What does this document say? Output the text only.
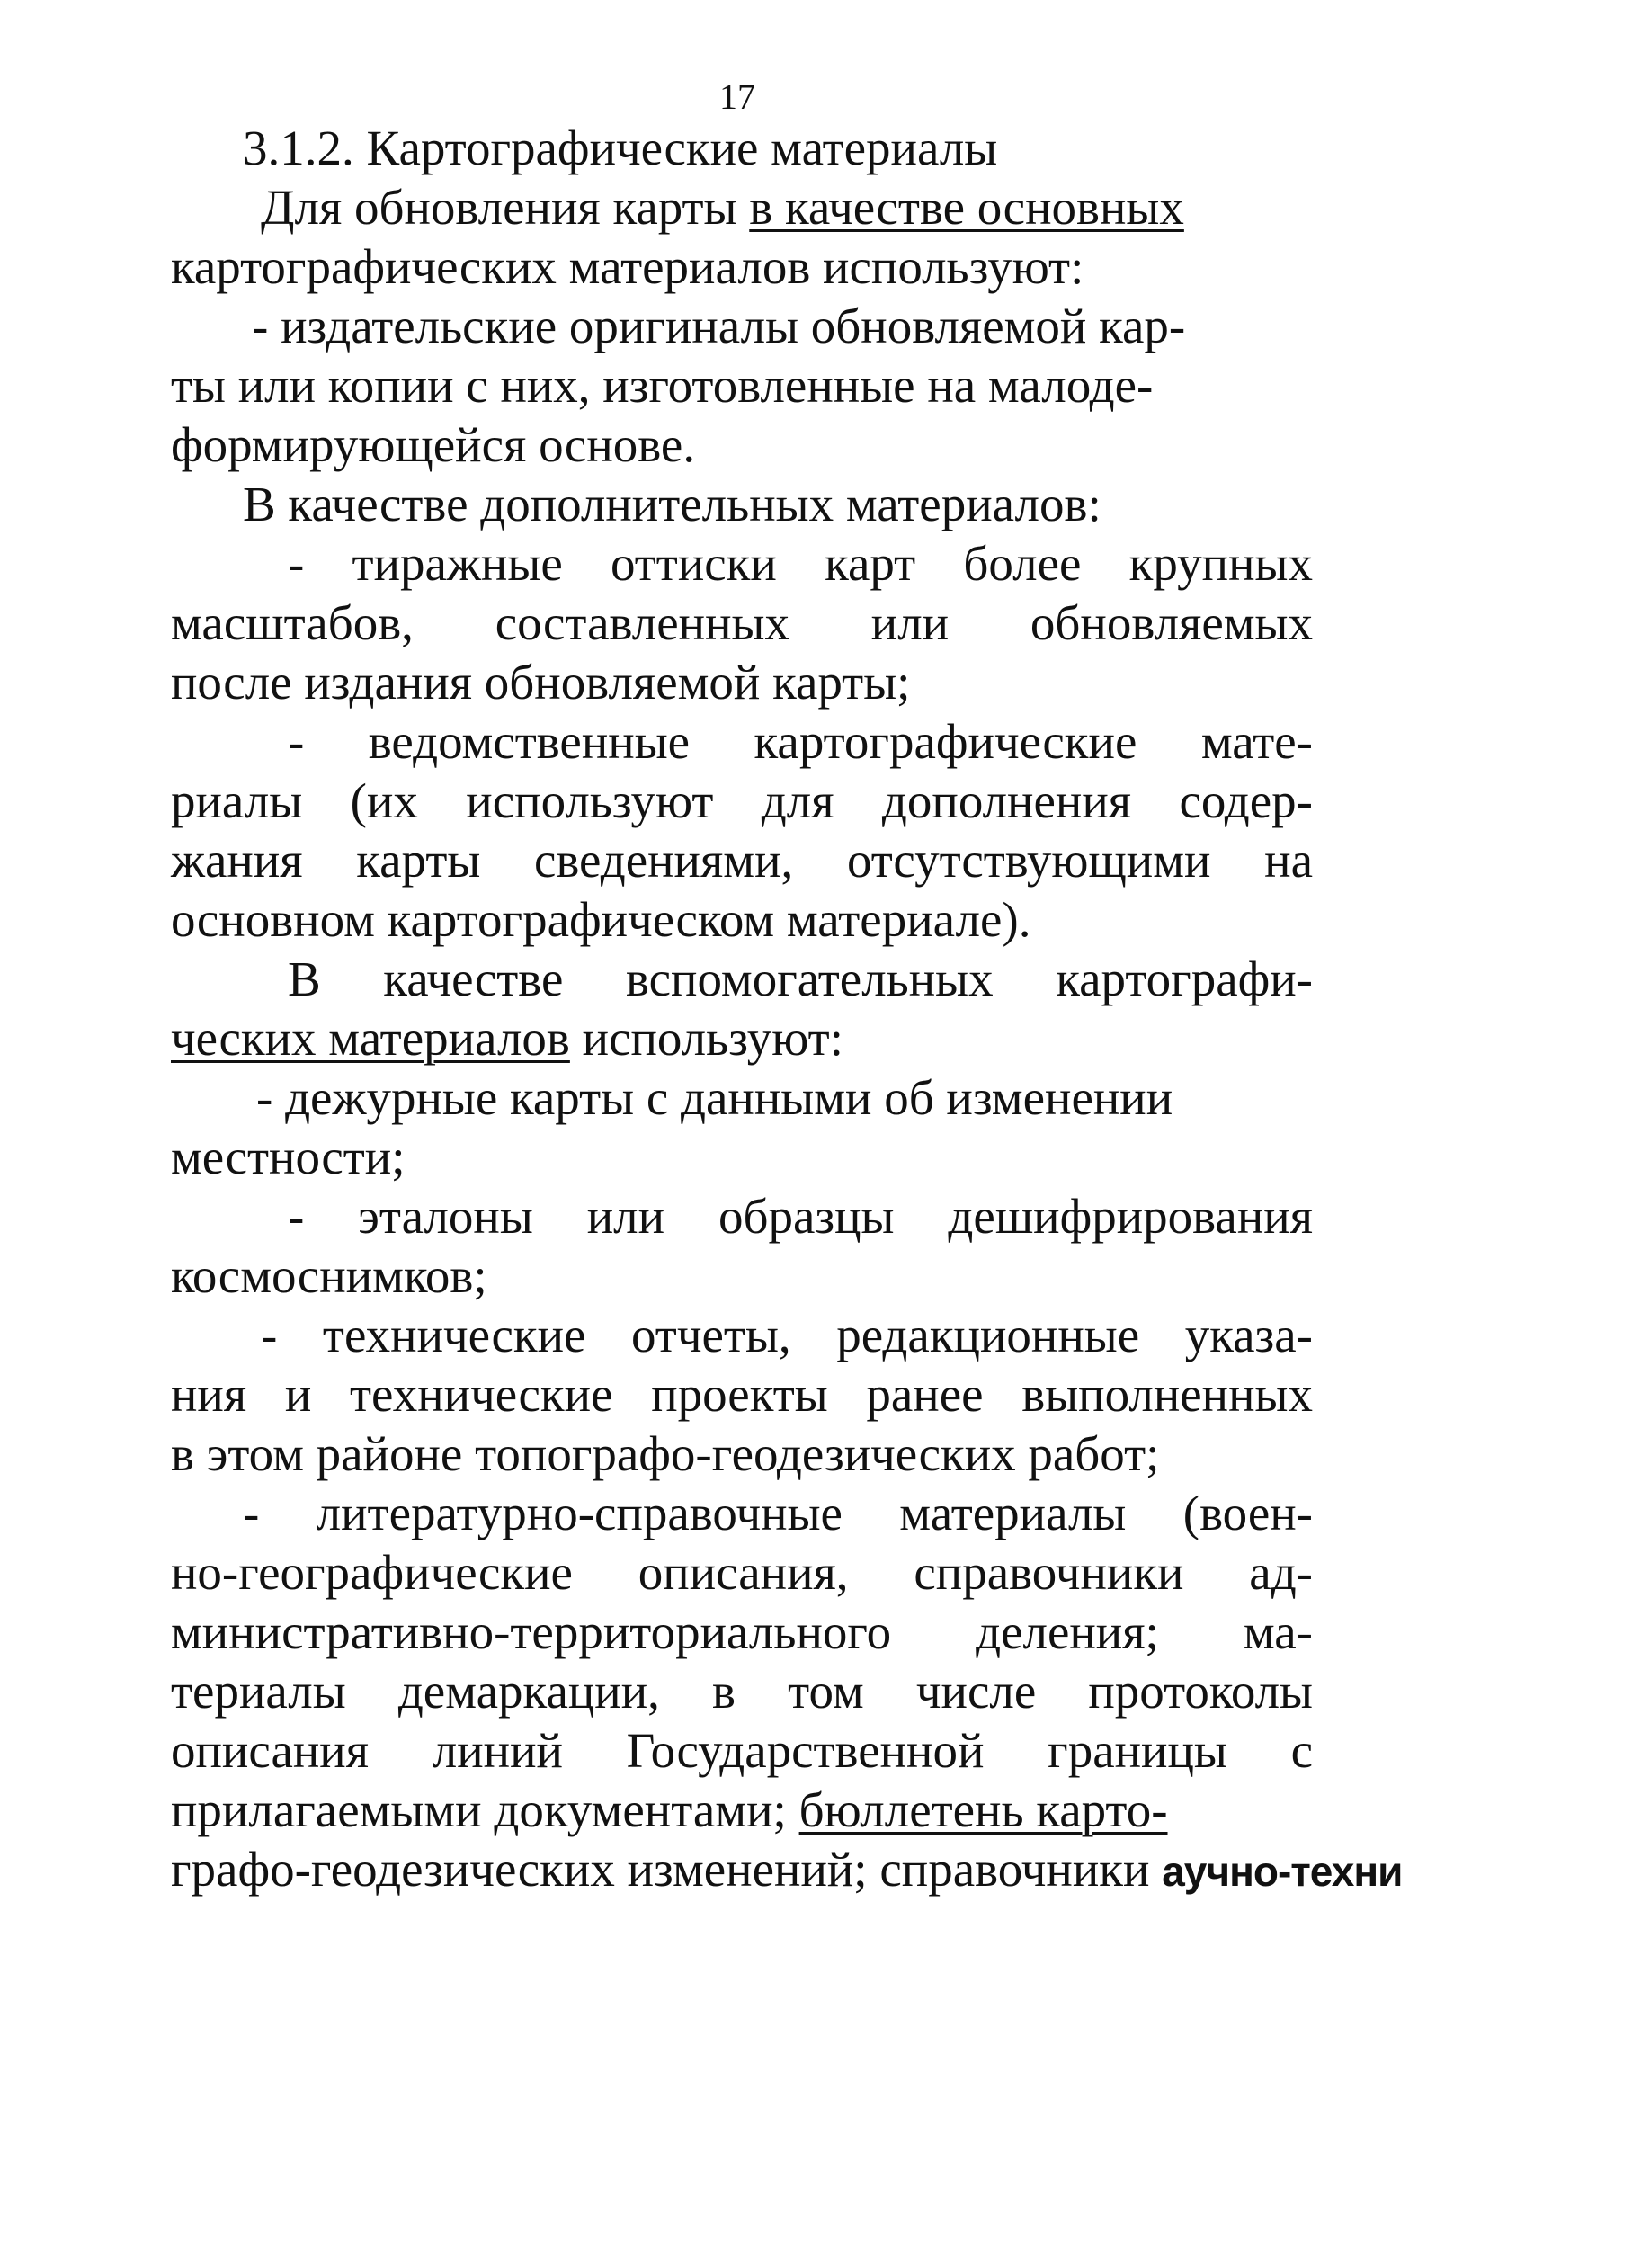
17
3.1.2. Картографические материалы
Для обновления карты в качестве основных
картографических материалов используют:
- издательские оригиналы обновляемой кар-
ты или копии с них, изготовленные на малоде-
формирующейся основе.
В качестве дополнительных материалов:
- тиражные оттиски карт более крупных
масштабов, составленных или обновляемых
после издания обновляемой карты;
- ведомственные картографические мате-
риалы (их используют для дополнения содер-
жания карты сведениями, отсутствующими на
основном картографическом материале).
В качестве вспомогательных картографи-
ческих материалов используют:
- дежурные карты с данными об изменении
местности;
- эталоны или образцы дешифрирования
космоснимков;
- технические отчеты, редакционные указа-
ния и технические проекты ранее выполненных
в этом районе топографо-геодезических работ;
- литературно-справочные материалы (воен-
но-географические описания, справочники ад-
министративно-территориального деления; ма-
териалы демаркации, в том числе протоколы
описания линий Государственной границы с
прилагаемыми документами; бюллетень карто-
графо-геодезических изменений; справочники аучно-техни
